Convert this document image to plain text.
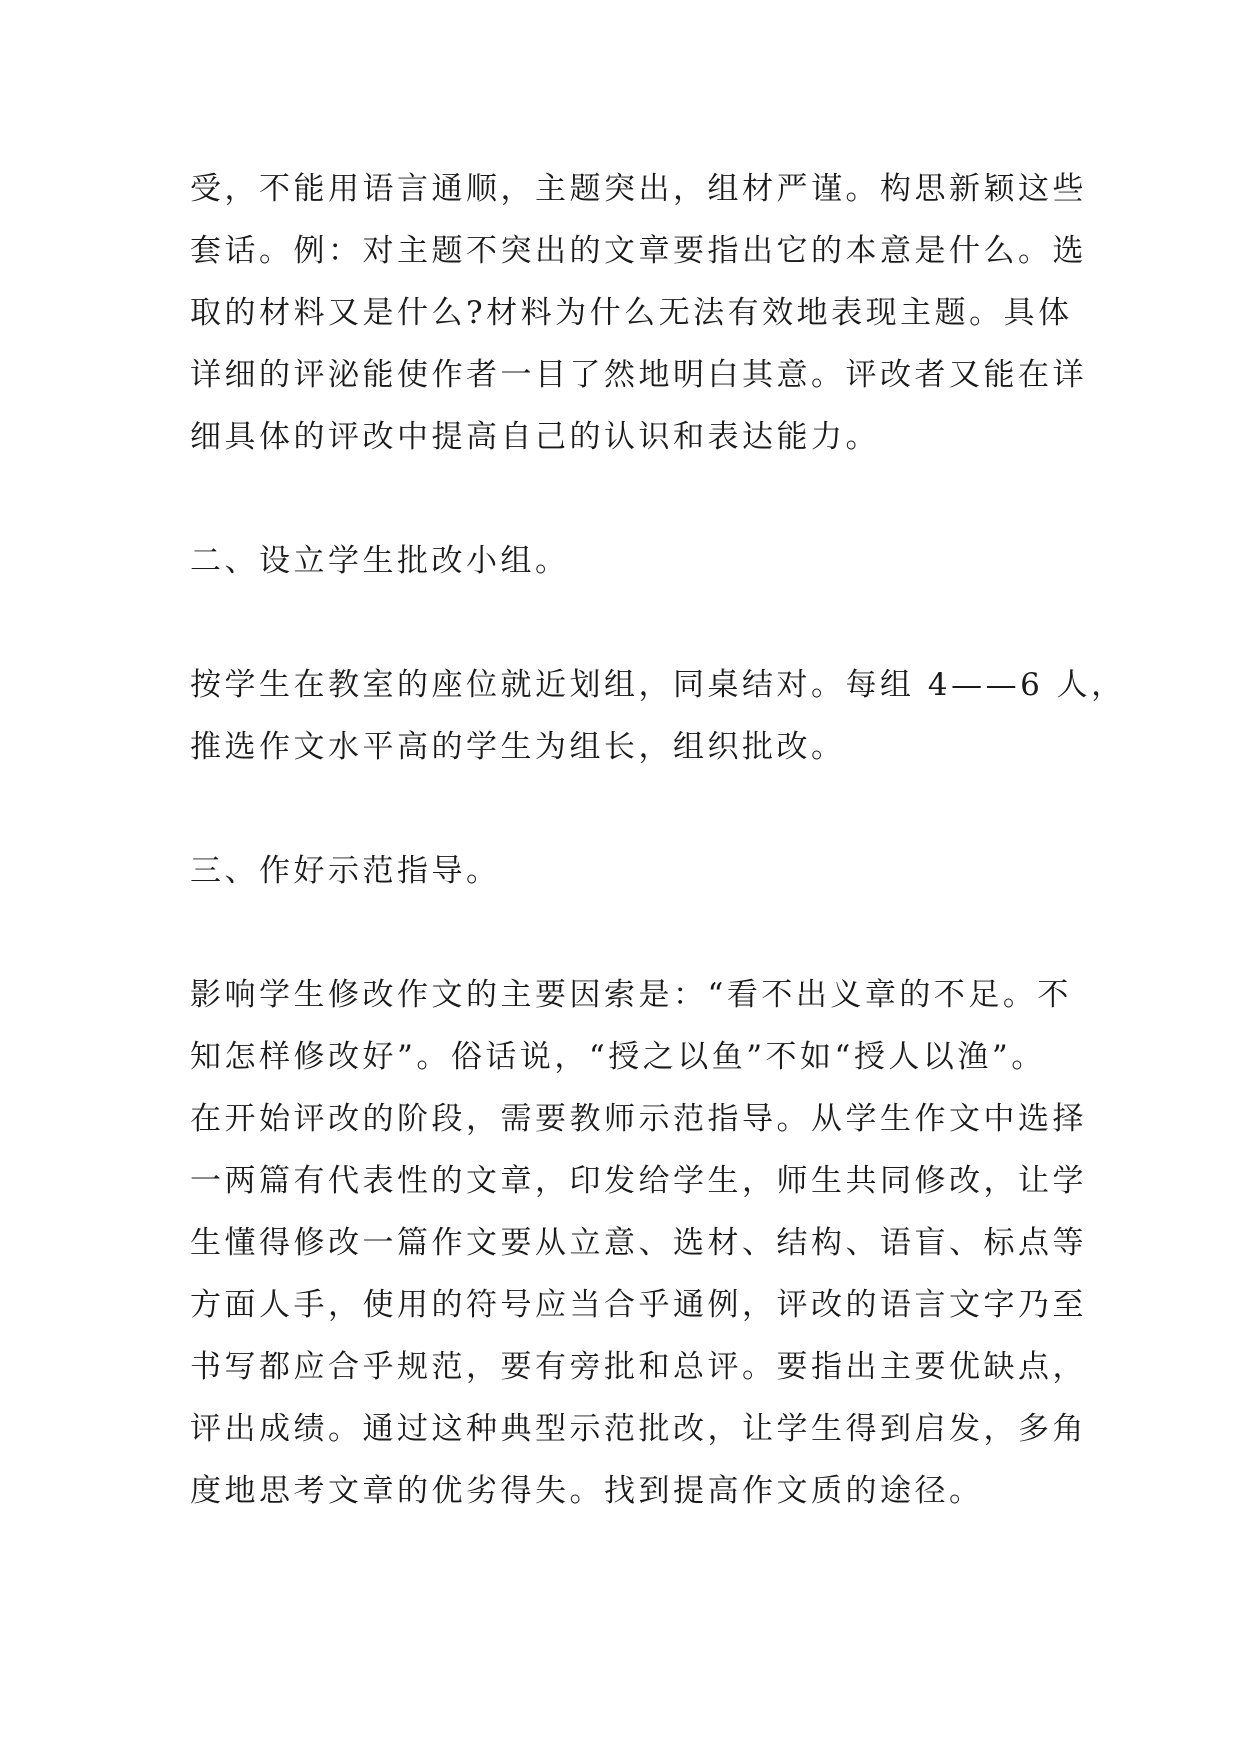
受，不能用语言通顺，主题突出，组材严谨。构思新颖这些
套话。例：对主题不突出的文章要指出它的本意是什么。选
取的材料又是什么?材料为什么无法有效地表现主题。具体
详细的评泌能使作者一目了然地明白其意。评改者又能在详
细具体的评改中提高自己的认识和表达能力。

二、设立学生批改小组。

按学生在教室的座位就近划组，同桌结对。每组 4——6 人，
推选作文水平高的学生为组长，组织批改。

三、作好示范指导。

影响学生修改作文的主要因索是：“看不出义章的不足。不
知怎样修改好”。俗话说，“授之以鱼”不如“授人以渔”。
在开始评改的阶段，需要教师示范指导。从学生作文中选择
一两篇有代表性的文章，印发给学生，师生共同修改，让学
生懂得修改一篇作文要从立意、选材、结构、语盲、标点等
方面人手，使用的符号应当合乎通例，评改的语言文字乃至
书写都应合乎规范，要有旁批和总评。要指出主要优缺点，
评出成绩。通过这种典型示范批改，让学生得到启发，多角
度地思考文章的优劣得失。找到提高作文质的途径。
